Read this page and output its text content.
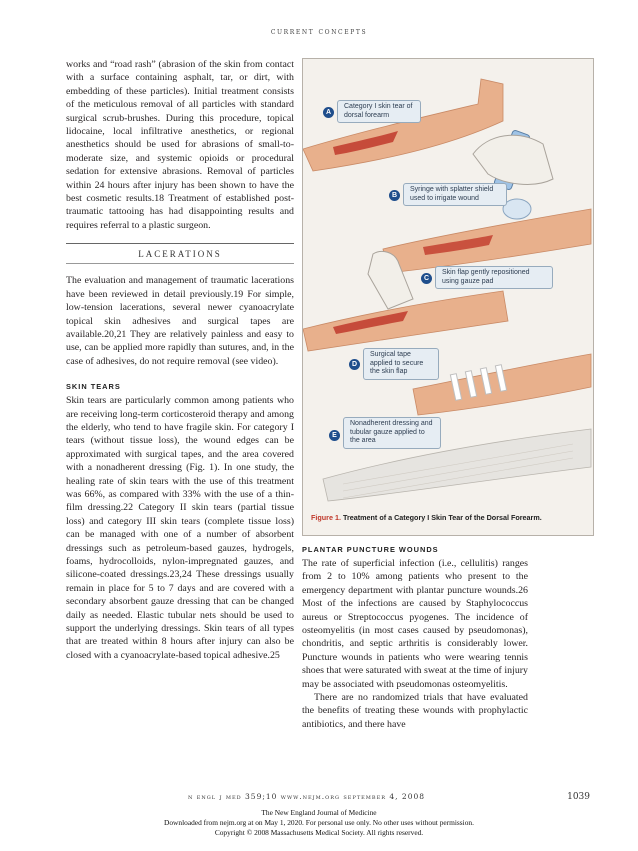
current concepts

works and “road rash” (abrasion of the skin from contact with a surface containing asphalt, tar, or dirt, with embedding of these particles). Initial treatment consists of the meticulous removal of all particles with standard surgical scrub-brushes. During this procedure, topical lidocaine, local infiltrative anesthetics, or regional anesthetics should be used for abrasions of small-to-moderate size, and systemic opioids or procedural sedation for extensive abrasions. Removal of particles within 24 hours after injury has been shown to have the best cosmetic results.18 Treatment of established post-traumatic tattooing has had disappointing results and requires referral to a plastic surgeon.

LACERATIONS

The evaluation and management of traumatic lacerations have been reviewed in detail previously.19 For simple, low-tension lacerations, several newer cyanoacrylate topical skin adhesives and surgical tapes are available.20,21 They are relatively painless and easy to use, can be applied more rapidly than sutures, and, in the case of adhesives, do not require removal (see video).

SKIN TEARS

Skin tears are particularly common among patients who are receiving long-term corticosteroid therapy and among the elderly, who tend to have fragile skin. For category I tears (without tissue loss), the wound edges can be approximated with surgical tapes, and the area covered with a nonadherent dressing (Fig. 1). In one study, the healing rate of skin tears with the use of this treatment was 66%, as compared with 33% with the use of a thin-film dressing.22 Category II skin tears (partial tissue loss) and category III skin tears (complete tissue loss) can be managed with one of a number of absorbent dressings such as petroleum-based gauzes, hydrogels, foams, hydrocolloids, nylon-impregnated gauzes, and silicone-coated dressings.23,24 These dressings usually remain in place for 5 to 7 days and are covered with a secondary absorbent gauze dressing that can be changed daily as needed. Elastic tubular nets should be used to support the underlying dressings. Skin tears of all types that are treated within 8 hours after injury can also be closed with a cyanoacrylate-based topical adhesive.25

A
Category I skin tear of dorsal forearm
B
Syringe with splatter shield used to irrigate wound
C
Skin flap gently repositioned using gauze pad
D
Surgical tape applied to secure the skin flap
E
Nonadherent dressing and tubular gauze applied to the area
Figure 1. Treatment of a Category I Skin Tear of the Dorsal Forearm.
PLANTAR PUNCTURE WOUNDS

The rate of superficial infection (i.e., cellulitis) ranges from 2 to 10% among patients who present to the emergency department with plantar puncture wounds.26 Most of the infections are caused by Staphylococcus aureus or Streptococcus pyogenes. The incidence of osteomyelitis (in most cases caused by pseudomonas), chondritis, and septic arthritis is considerably lower. Puncture wounds in patients who were wearing tennis shoes that were saturated with sweat at the time of injury may be associated with pseudomonas osteomyelitis.

There are no randomized trials that have evaluated the benefits of treating these wounds with prophylactic antibiotics, and there have

n engl j med 359;10 www.nejm.org september 4, 2008	1039
The New England Journal of Medicine
Downloaded from nejm.org at on May 1, 2020. For personal use only. No other uses without permission.
Copyright © 2008 Massachusetts Medical Society. All rights reserved.
